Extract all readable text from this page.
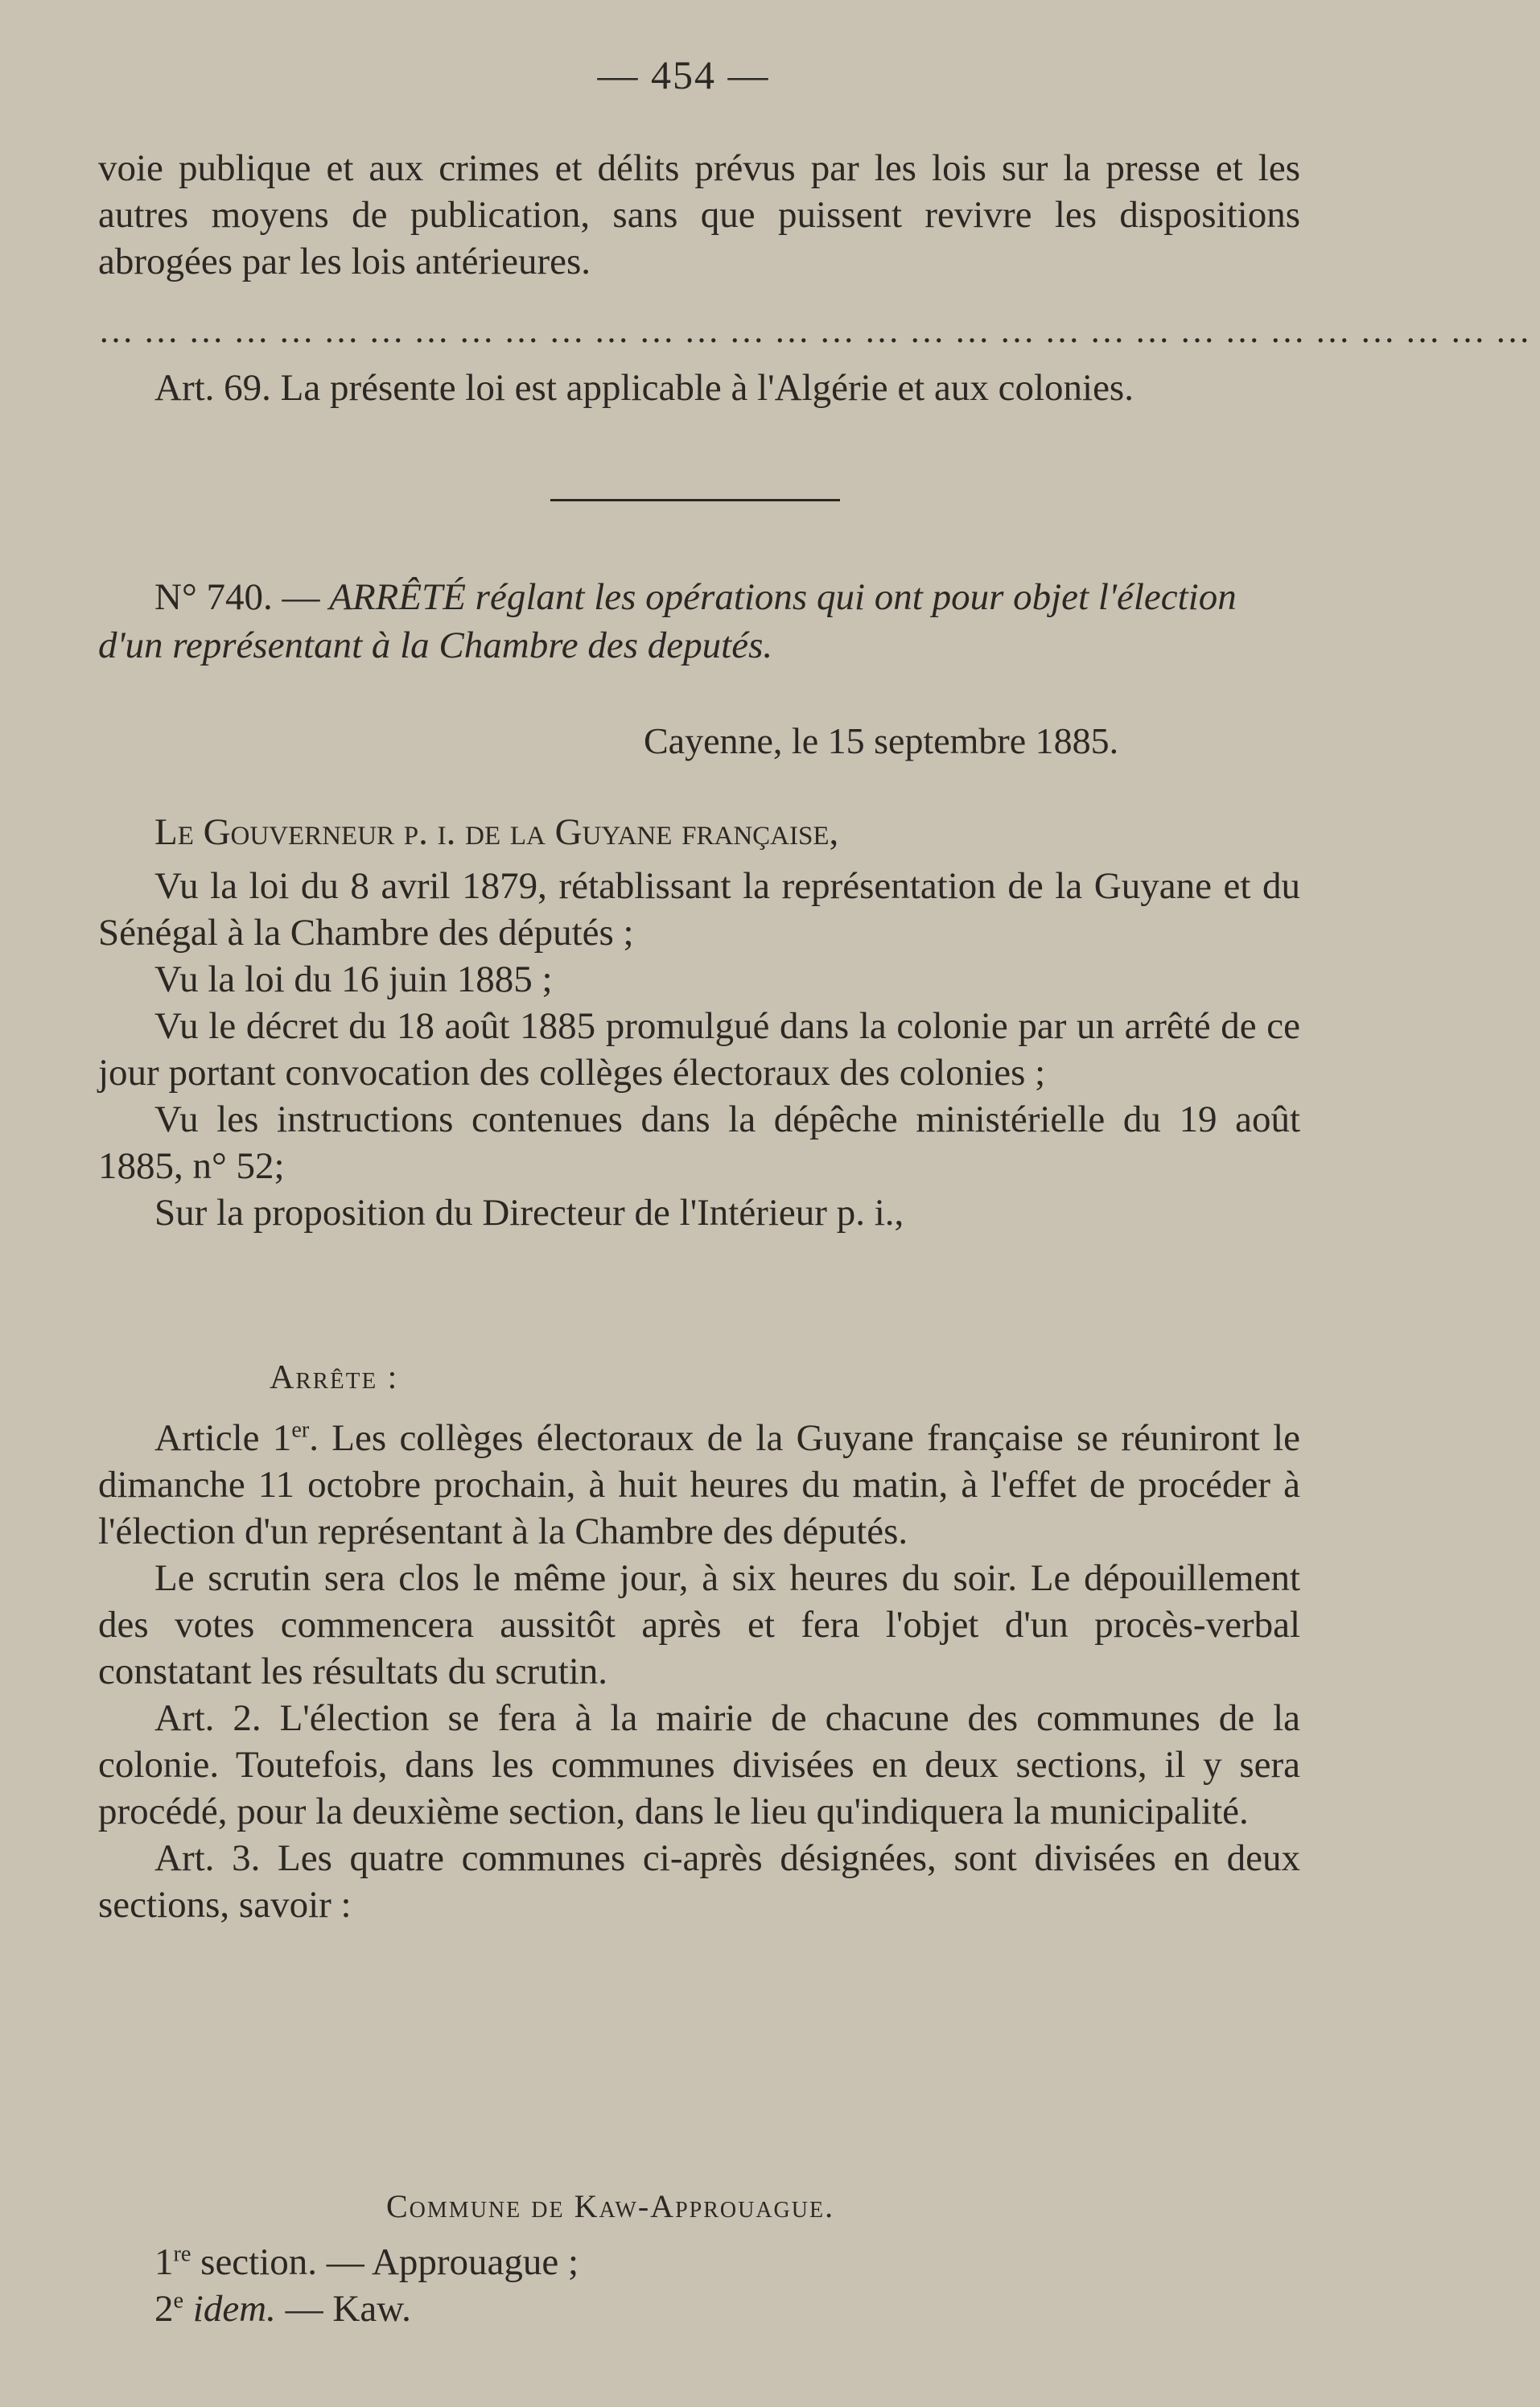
— 454 —

voie publique et aux crimes et délits prévus par les lois sur la presse et les autres moyens de publication, sans que puissent revivre les dispositions abrogées par les lois antérieures.

……………………………………………………………………………………

Art. 69. La présente loi est applicable à l'Algérie et aux colonies.

N° 740. — ARRÊTÉ réglant les opérations qui ont pour objet l'élection d'un représentant à la Chambre des deputés.

Cayenne, le 15 septembre 1885.

Le Gouverneur p. i. de la Guyane française,

Vu la loi du 8 avril 1879, rétablissant la représentation de la Guyane et du Sénégal à la Chambre des députés ;

Vu la loi du 16 juin 1885 ;

Vu le décret du 18 août 1885 promulgué dans la colonie par un arrêté de ce jour portant convocation des collèges électoraux des colonies ;

Vu les instructions contenues dans la dépêche ministérielle du 19 août 1885, n° 52;

Sur la proposition du Directeur de l'Intérieur p. i.,

Arrête :

Article 1er. Les collèges électoraux de la Guyane française se réuniront le dimanche 11 octobre prochain, à huit heures du matin, à l'effet de procéder à l'élection d'un représentant à la Chambre des députés.

Le scrutin sera clos le même jour, à six heures du soir. Le dépouillement des votes commencera aussitôt après et fera l'objet d'un procès-verbal constatant les résultats du scrutin.

Art. 2. L'élection se fera à la mairie de chacune des communes de la colonie. Toutefois, dans les communes divisées en deux sections, il y sera procédé, pour la deuxième section, dans le lieu qu'indiquera la municipalité.

Art. 3. Les quatre communes ci-après désignées, sont divisées en deux sections, savoir :

Commune de Kaw-Approuague.

1re section. — Approuague ;

2e idem. — Kaw.
